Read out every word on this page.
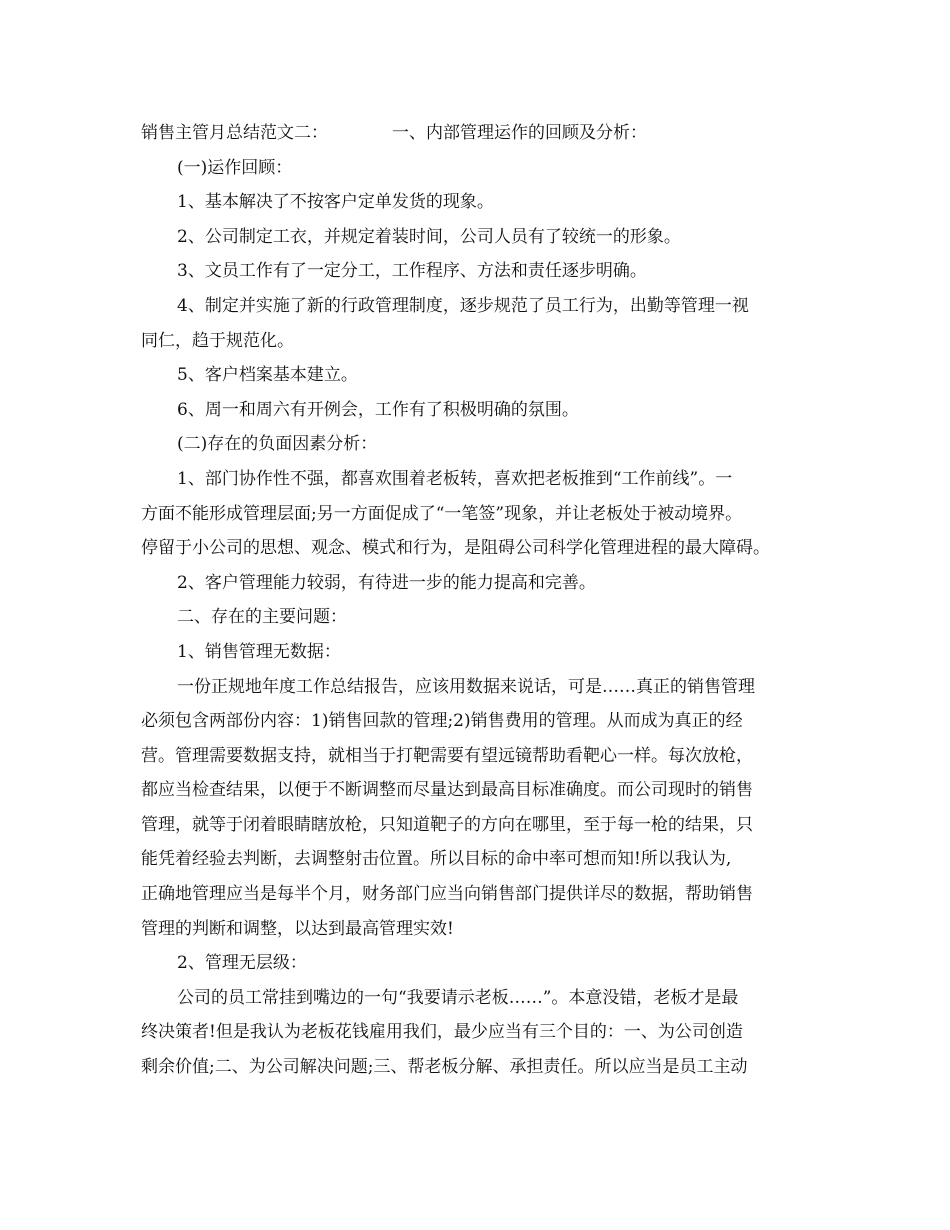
销售主管月总结范文二：	一、内部管理运作的回顾及分析：
(一)运作回顾：
1、基本解决了不按客户定单发货的现象。
2、公司制定工衣，并规定着装时间，公司人员有了较统一的形象。
3、文员工作有了一定分工，工作程序、方法和责任逐步明确。
4、制定并实施了新的行政管理制度，逐步规范了员工行为，出勤等管理一视
同仁，趋于规范化。
5、客户档案基本建立。
6、周一和周六有开例会，工作有了积极明确的氛围。
(二)存在的负面因素分析：
1、部门协作性不强，都喜欢围着老板转，喜欢把老板推到“工作前线”。一
方面不能形成管理层面;另一方面促成了“一笔签”现象，并让老板处于被动境界。
停留于小公司的思想、观念、模式和行为，是阻碍公司科学化管理进程的最大障碍。
2、客户管理能力较弱，有待进一步的能力提高和完善。
二、存在的主要问题：
1、销售管理无数据：
一份正规地年度工作总结报告，应该用数据来说话，可是……真正的销售管理
必须包含两部份内容：1)销售回款的管理;2)销售费用的管理。从而成为真正的经
营。管理需要数据支持，就相当于打靶需要有望远镜帮助看靶心一样。每次放枪，
都应当检查结果，以便于不断调整而尽量达到最高目标准确度。而公司现时的销售
管理，就等于闭着眼睛瞎放枪，只知道靶子的方向在哪里，至于每一枪的结果，只
能凭着经验去判断，去调整射击位置。所以目标的命中率可想而知!所以我认为,
正确地管理应当是每半个月，财务部门应当向销售部门提供详尽的数据，帮助销售
管理的判断和调整，以达到最高管理实效!
2、管理无层级：
公司的员工常挂到嘴边的一句“我要请示老板……”。本意没错，老板才是最
终决策者!但是我认为老板花钱雇用我们，最少应当有三个目的：一、为公司创造
剩余价值;二、为公司解决问题;三、帮老板分解、承担责任。所以应当是员工主动
